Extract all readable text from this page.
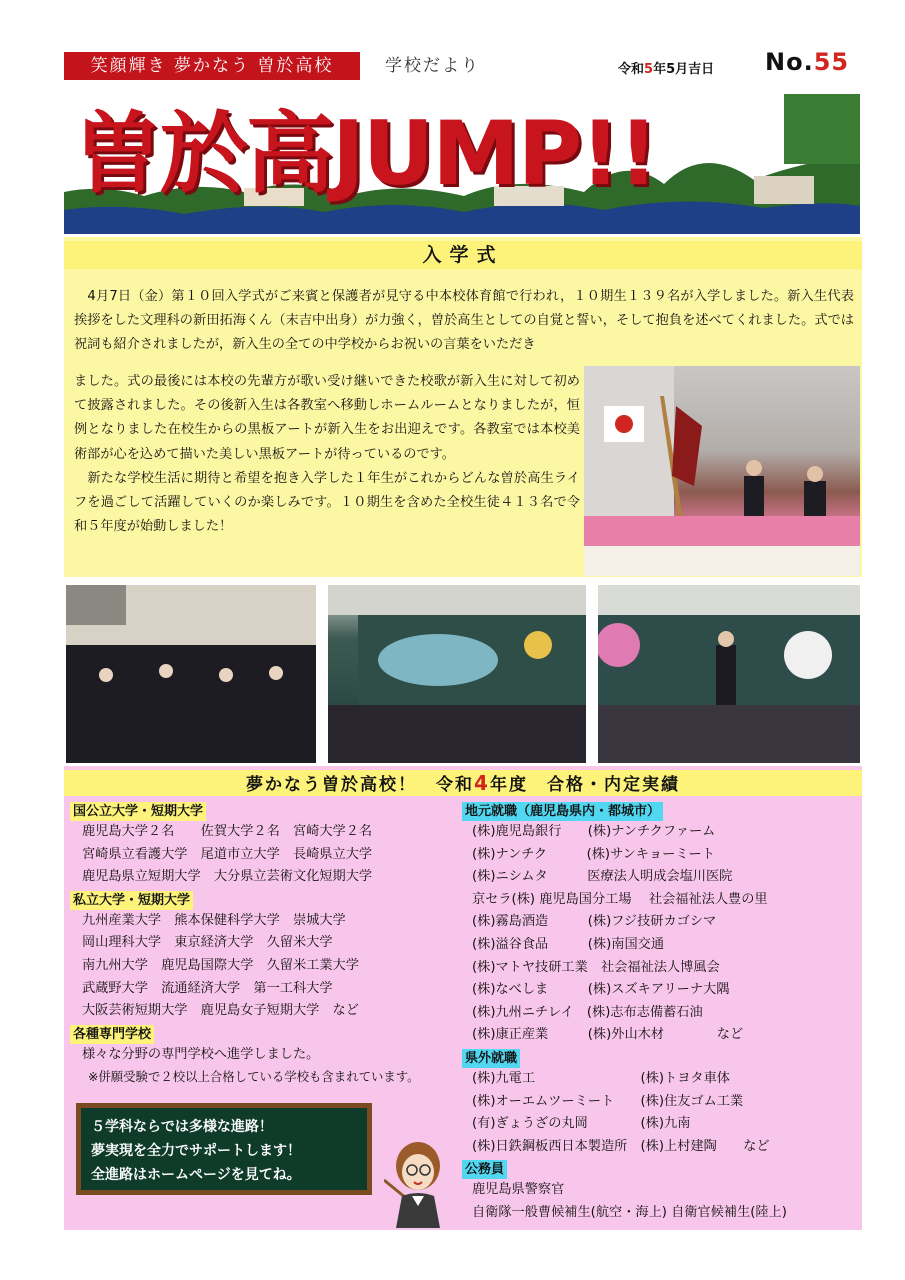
笑顔輝き 夢かなう 曽於高校	学校だより	令和5年5月吉日 No.55
曽於高JUMP!!
入学式
　4月7日（金）第１０回入学式がご来賓と保護者が見守る中本校体育館で行われ，１０期生１３９名が入学しました。新入生代表挨拶をした文理科の新田拓海くん（末吉中出身）が力強く，曽於高生としての自覚と誓い，そして抱負を述べてくれました。式では祝詞も紹介されましたが，新入生の全ての中学校からお祝いの言葉をいただき
ました。式の最後には本校の先輩方が歌い受け継いできた校歌が新入生に対して初めて披露されました。その後新入生は各教室へ移動しホームルームとなりましたが，恒例となりました在校生からの黒板アートが新入生をお出迎えです。各教室では本校美術部が心を込めて描いた美しい黒板アートが待っているのです。
　新たな学校生活に期待と希望を抱き入学した１年生がこれからどんな曽於高生ライフを過ごして活躍していくのか楽しみです。１０期生を含めた全校生徒４１３名で令和５年度が始動しました！
夢かなう曽於高校！　令和4年度　合格・内定実績
国公立大学・短期大学
鹿児島大学２名　　佐賀大学２名　宮崎大学２名
宮崎県立看護大学　尾道市立大学　長崎県立大学
鹿児島県立短期大学　大分県立芸術文化短期大学
私立大学・短期大学
九州産業大学　熊本保健科学大学　崇城大学
岡山理科大学　東京経済大学　久留米大学
南九州大学　鹿児島国際大学　久留米工業大学
武蔵野大学　流通経済大学　第一工科大学
大阪芸術短期大学　鹿児島女子短期大学　など
各種専門学校
様々な分野の専門学校へ進学しました。
※併願受験で２校以上合格している学校も含まれています。
地元就職（鹿児島県内・都城市）
(株)鹿児島銀行　　(株)ナンチクファーム
(株)ナンチク　　　(株)サンキョーミート
(株)ニシムタ　　　医療法人明成会塩川医院
京セラ(株) 鹿児島国分工場　 社会福祉法人豊の里
(株)霧島酒造　　　(株)フジ技研カゴシマ
(株)溢谷食品　　　(株)南国交通
(株)マトヤ技研工業　社会福祉法人博風会
(株)なべしま　　　(株)スズキアリーナ大隅
(株)九州ニチレイ　(株)志布志備蓄石油
(株)康正産業　　　(株)外山木材　　　　など
県外就職
(株)九電工　　　　　　　　(株)トヨタ車体
(株)オーエムツーミート　　(株)住友ゴム工業
(有)ぎょうざの丸岡　　　　(株)九南
(株)日鉄鋼板西日本製造所　(株)上村建陶　　など
公務員
鹿児島県警察官
自衛隊一般曹候補生(航空・海上) 自衛官候補生(陸上)
５学科ならでは多様な進路！
夢実現を全力でサポートします！
全進路はホームページを見てね。
